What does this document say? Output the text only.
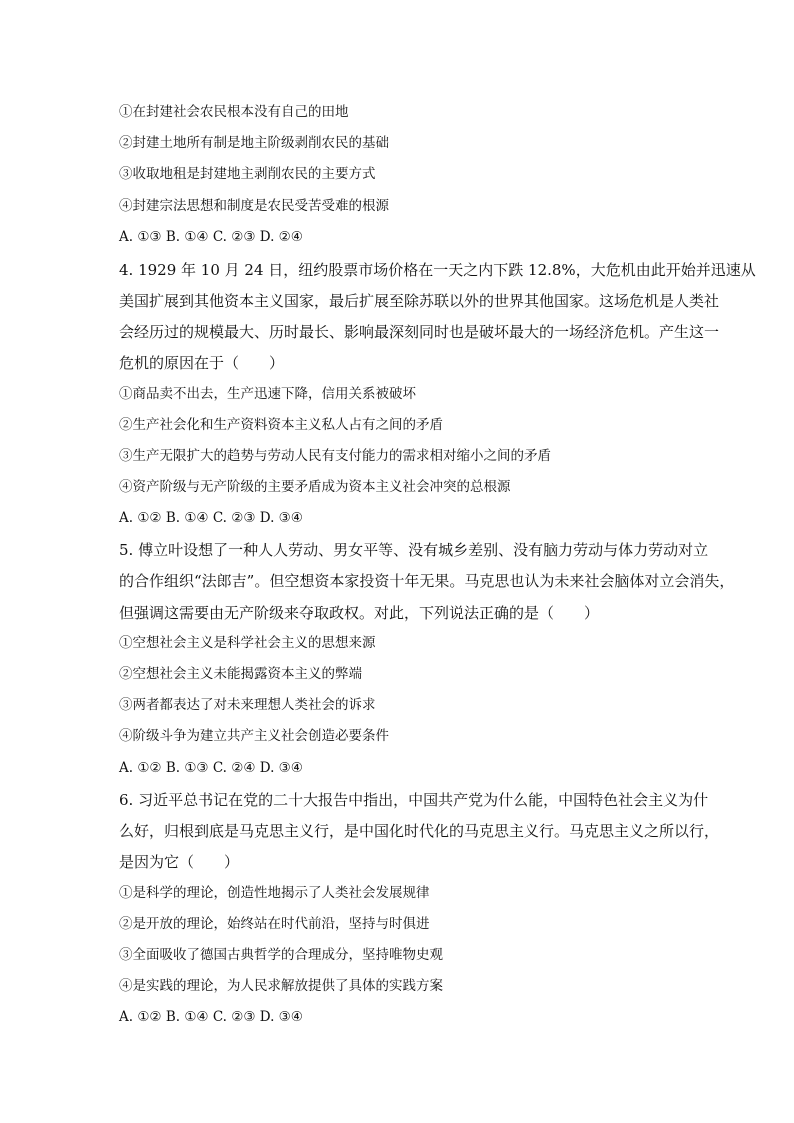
①在封建社会农民根本没有自己的田地
②封建土地所有制是地主阶级剥削农民的基础
③收取地租是封建地主剥削农民的主要方式
④封建宗法思想和制度是农民受苦受难的根源
A. ①③ B. ①④ C. ②③ D. ②④
4. 1929 年 10 月 24 日，纽约股票市场价格在一天之内下跌 12.8%，大危机由此开始并迅速从
美国扩展到其他资本主义国家，最后扩展至除苏联以外的世界其他国家。这场危机是人类社
会经历过的规模最大、历时最长、影响最深刻同时也是破坏最大的一场经济危机。产生这一
危机的原因在于（　　）
①商品卖不出去，生产迅速下降，信用关系被破坏
②生产社会化和生产资料资本主义私人占有之间的矛盾
③生产无限扩大的趋势与劳动人民有支付能力的需求相对缩小之间的矛盾
④资产阶级与无产阶级的主要矛盾成为资本主义社会冲突的总根源
A. ①② B. ①④ C. ②③ D. ③④
5. 傅立叶设想了一种人人劳动、男女平等、没有城乡差别、没有脑力劳动与体力劳动对立
的合作组织“法郎吉”。但空想资本家投资十年无果。马克思也认为未来社会脑体对立会消失，
但强调这需要由无产阶级来夺取政权。对此，下列说法正确的是（　　）
①空想社会主义是科学社会主义的思想来源
②空想社会主义未能揭露资本主义的弊端
③两者都表达了对未来理想人类社会的诉求
④阶级斗争为建立共产主义社会创造必要条件
A. ①② B. ①③ C. ②④ D. ③④
6. 习近平总书记在党的二十大报告中指出，中国共产党为什么能，中国特色社会主义为什
么好，归根到底是马克思主义行，是中国化时代化的马克思主义行。马克思主义之所以行，
是因为它（　　）
①是科学的理论，创造性地揭示了人类社会发展规律
②是开放的理论，始终站在时代前沿，坚持与时俱进
③全面吸收了德国古典哲学的合理成分，坚持唯物史观
④是实践的理论，为人民求解放提供了具体的实践方案
A. ①② B. ①④ C. ②③ D. ③④
